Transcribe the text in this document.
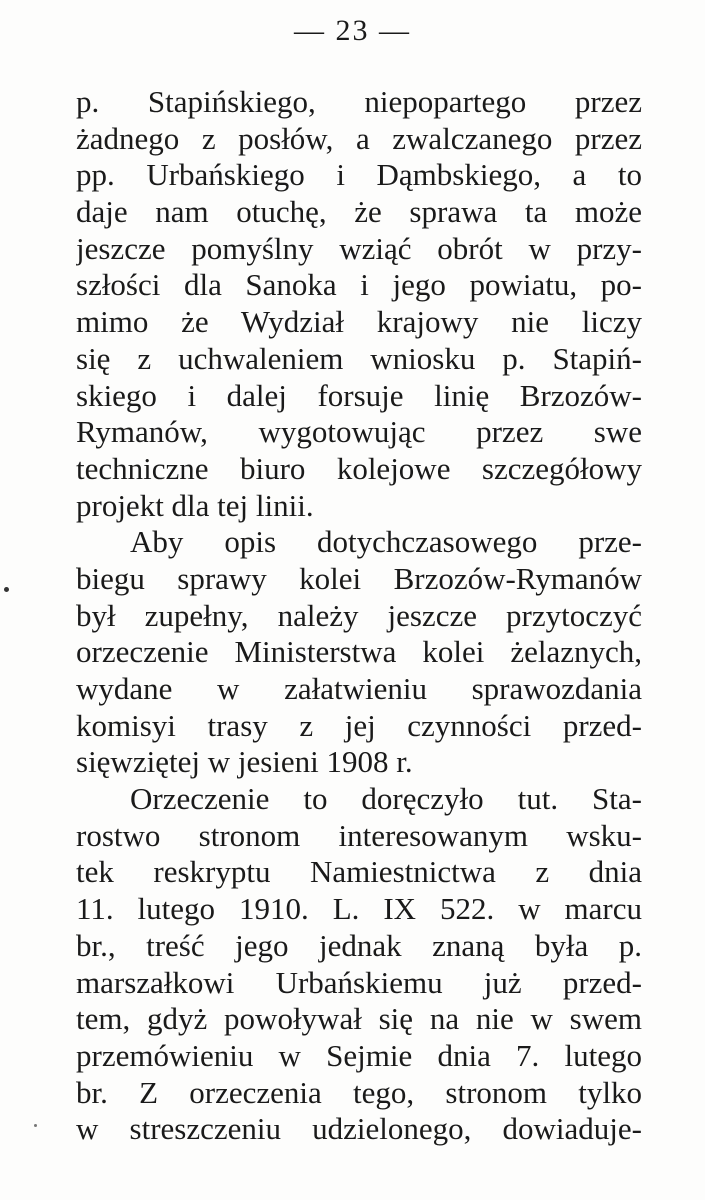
— 23 —
p. Stapińskiego, niepopartego przez
żadnego z posłów, a zwalczanego przez
pp. Urbańskiego i Dąmbskiego, a to
daje nam otuchę, że sprawa ta może
jeszcze pomyślny wziąć obrót w przy-
szłości dla Sanoka i jego powiatu, po-
mimo że Wydział krajowy nie liczy
się z uchwaleniem wniosku p. Stapiń-
skiego i dalej forsuje linię Brzozów-
Rymanów, wygotowując przez swe
techniczne biuro kolejowe szczegółowy
projekt dla tej linii.
Aby opis dotychczasowego prze-
biegu sprawy kolei Brzozów-Rymanów
był zupełny, należy jeszcze przytoczyć
orzeczenie Ministerstwa kolei żelaznych,
wydane w załatwieniu sprawozdania
komisyi trasy z jej czynności przed-
sięwziętej w jesieni 1908 r.
Orzeczenie to doręczyło tut. Sta-
rostwo stronom interesowanym wsku-
tek reskryptu Namiestnictwa z dnia
11. lutego 1910. L. IX 522. w marcu
br., treść jego jednak znaną była p.
marszałkowi Urbańskiemu już przed-
tem, gdyż powoływał się na nie w swem
przemówieniu w Sejmie dnia 7. lutego
br. Z orzeczenia tego, stronom tylko
w streszczeniu udzielonego, dowiaduje-
